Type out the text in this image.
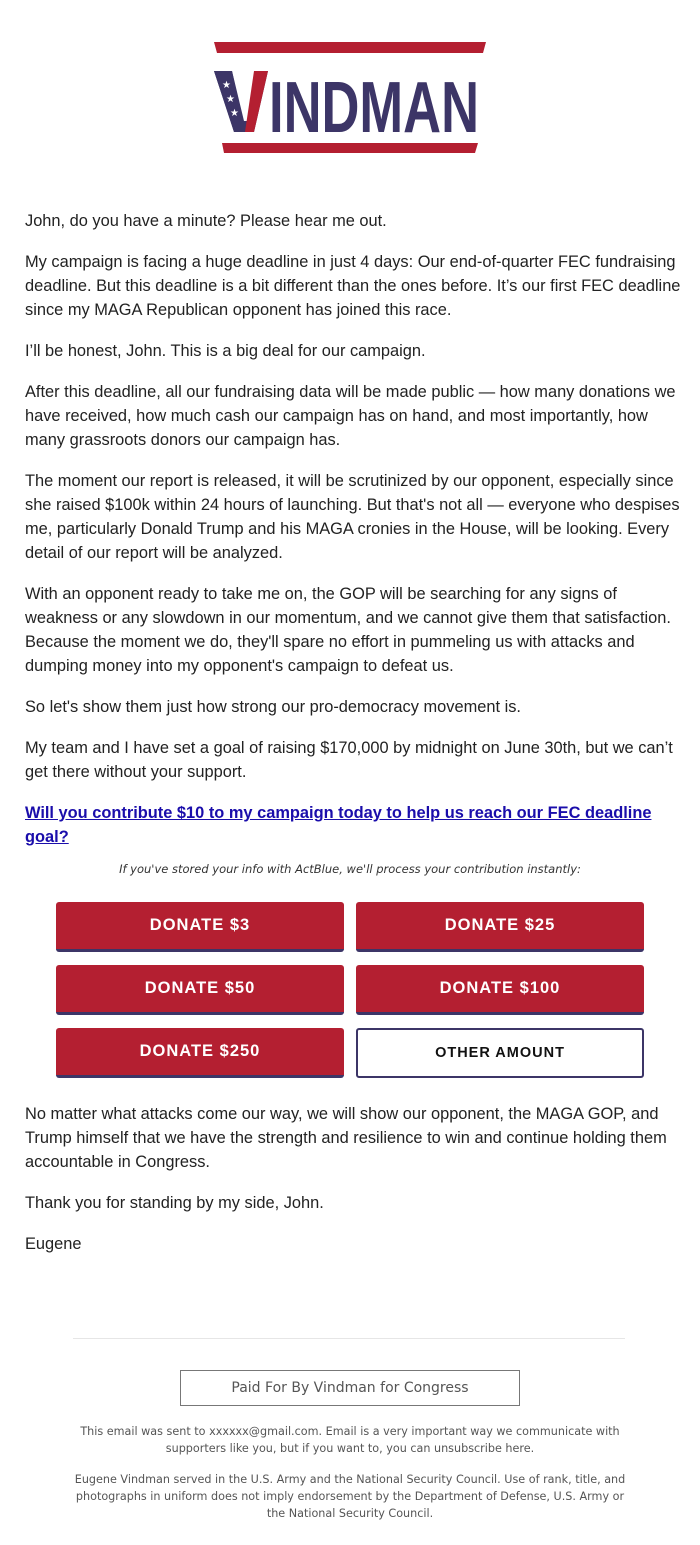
★
★
★ INDMAN

John, do you have a minute? Please hear me out.

My campaign is facing a huge deadline in just 4 days: Our end-of-quarter FEC fundraising deadline. But this deadline is a bit different than the ones before. It’s our first FEC deadline since my MAGA Republican opponent has joined this race.

I’ll be honest, John. This is a big deal for our campaign.

After this deadline, all our fundraising data will be made public — how many donations we have received, how much cash our campaign has on hand, and most importantly, how many grassroots donors our campaign has.

The moment our report is released, it will be scrutinized by our opponent, especially since she raised $100k within 24 hours of launching. But that's not all — everyone who despises me, particularly Donald Trump and his MAGA cronies in the House, will be looking. Every detail of our report will be analyzed.

With an opponent ready to take me on, the GOP will be searching for any signs of weakness or any slowdown in our momentum, and we cannot give them that satisfaction. Because the moment we do, they'll spare no effort in pummeling us with attacks and dumping money into my opponent's campaign to defeat us.

So let's show them just how strong our pro-democracy movement is.

My team and I have set a goal of raising $170,000 by midnight on June 30th, but we can’t get there without your support.

Will you contribute $10 to my campaign today to help us reach our FEC deadline goal?

If you've stored your info with ActBlue, we'll process your contribution instantly:
DONATE $3	DONATE $25
DONATE $50	DONATE $100
DONATE $250	OTHER AMOUNT

No matter what attacks come our way, we will show our opponent, the MAGA GOP, and Trump himself that we have the strength and resilience to win and continue holding them accountable in Congress.

Thank you for standing by my side, John.

Eugene

Paid For By Vindman for Congress
This email was sent to xxxxxx@gmail.com. Email is a very important way we communicate with supporters like you, but if you want to, you can unsubscribe here.
Eugene Vindman served in the U.S. Army and the National Security Council. Use of rank, title, and photographs in uniform does not imply endorsement by the Department of Defense, U.S. Army or the National Security Council.
